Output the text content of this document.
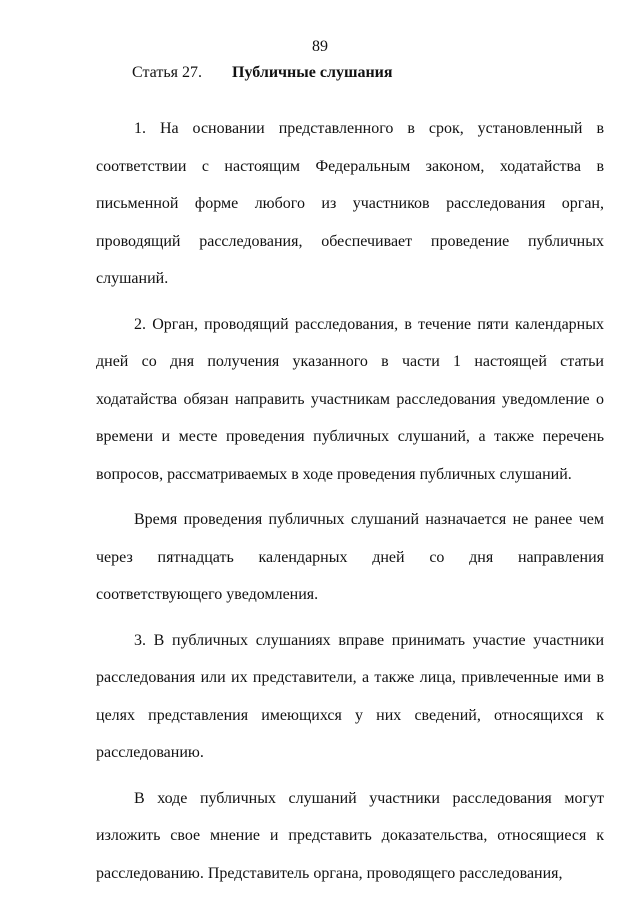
89
Статья 27. Публичные слушания

1. На основании представленного в срок, установленный в соответствии с настоящим Федеральным законом, ходатайства в письменной форме любого из участников расследования орган, проводящий расследования, обеспечивает проведение публичных слушаний.

2. Орган, проводящий расследования, в течение пяти календарных дней со дня получения указанного в части 1 настоящей статьи ходатайства обязан направить участникам расследования уведомление о времени и месте проведения публичных слушаний, а также перечень вопросов, рассматриваемых в ходе проведения публичных слушаний.

Время проведения публичных слушаний назначается не ранее чем через пятнадцать календарных дней со дня направления соответствующего уведомления.

3. В публичных слушаниях вправе принимать участие участники расследования или их представители, а также лица, привлеченные ими в целях представления имеющихся у них сведений, относящихся к расследованию.

В ходе публичных слушаний участники расследования могут изложить свое мнение и представить доказательства, относящиеся к расследованию. Представитель органа, проводящего расследования,
